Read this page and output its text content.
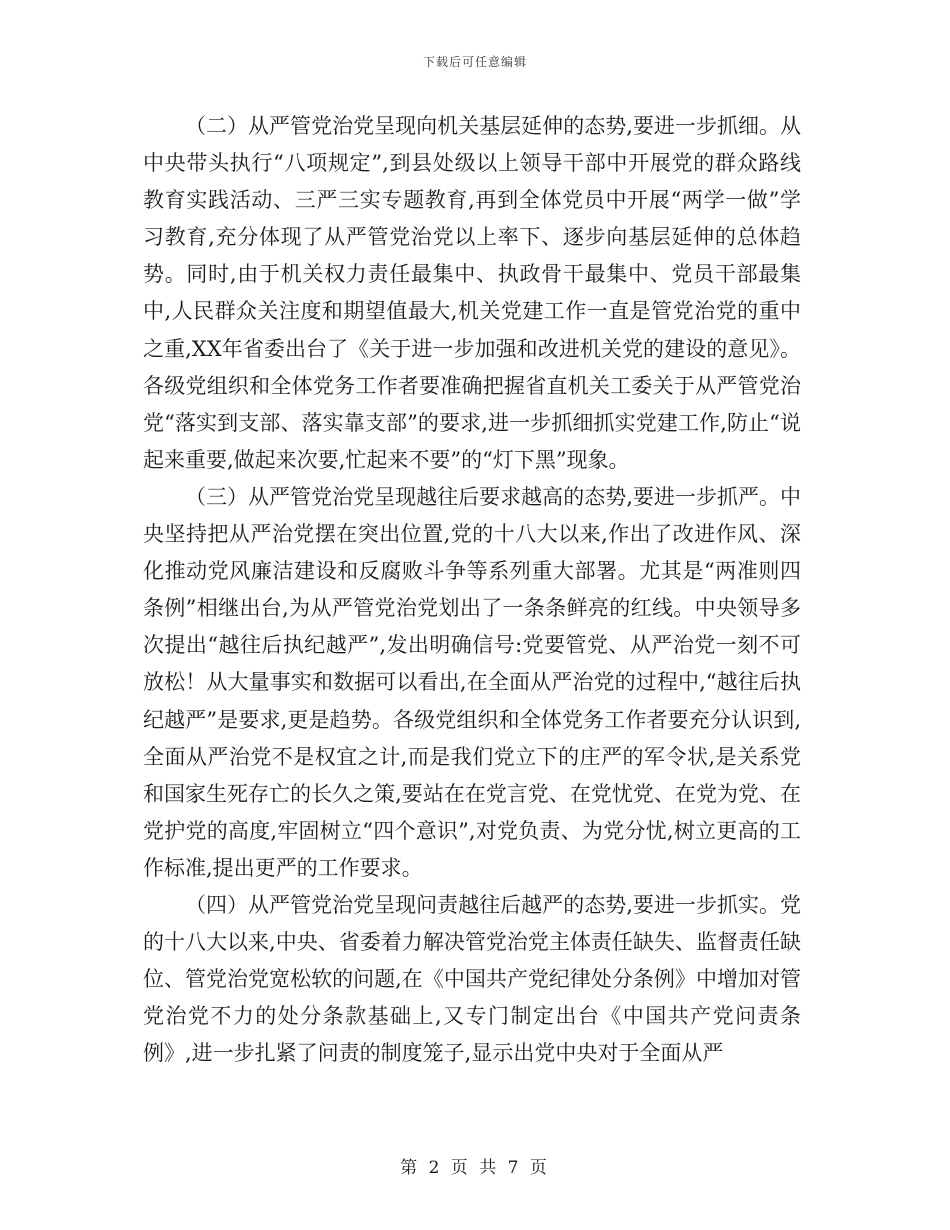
下载后可任意编辑

（二）从严管党治党呈现向机关基层延伸的态势,要进一步抓细。从中央带头执行“八项规定”,到县处级以上领导干部中开展党的群众路线教育实践活动、三严三实专题教育,再到全体党员中开展“两学一做”学习教育,充分体现了从严管党治党以上率下、逐步向基层延伸的总体趋势。同时,由于机关权力责任最集中、执政骨干最集中、党员干部最集中,人民群众关注度和期望值最大,机关党建工作一直是管党治党的重中之重,XX年省委出台了《关于进一步加强和改进机关党的建设的意见》。各级党组织和全体党务工作者要准确把握省直机关工委关于从严管党治党“落实到支部、落实靠支部”的要求,进一步抓细抓实党建工作,防止“说起来重要,做起来次要,忙起来不要”的“灯下黑”现象。

（三）从严管党治党呈现越往后要求越高的态势,要进一步抓严。中央坚持把从严治党摆在突出位置,党的十八大以来,作出了改进作风、深化推动党风廉洁建设和反腐败斗争等系列重大部署。尤其是“两准则四条例”相继出台,为从严管党治党划出了一条条鲜亮的红线。中央领导多次提出“越往后执纪越严”,发出明确信号:党要管党、从严治党一刻不可放松！从大量事实和数据可以看出,在全面从严治党的过程中,“越往后执纪越严”是要求,更是趋势。各级党组织和全体党务工作者要充分认识到,全面从严治党不是权宜之计,而是我们党立下的庄严的军令状,是关系党和国家生死存亡的长久之策,要站在在党言党、在党忧党、在党为党、在党护党的高度,牢固树立“四个意识”,对党负责、为党分忧,树立更高的工作标准,提出更严的工作要求。

（四）从严管党治党呈现问责越往后越严的态势,要进一步抓实。党的十八大以来,中央、省委着力解决管党治党主体责任缺失、监督责任缺位、管党治党宽松软的问题,在《中国共产党纪律处分条例》中增加对管党治党不力的处分条款基础上,又专门制定出台《中国共产党问责条例》,进一步扎紧了问责的制度笼子,显示出党中央对于全面从严

第 2 页 共 7 页
